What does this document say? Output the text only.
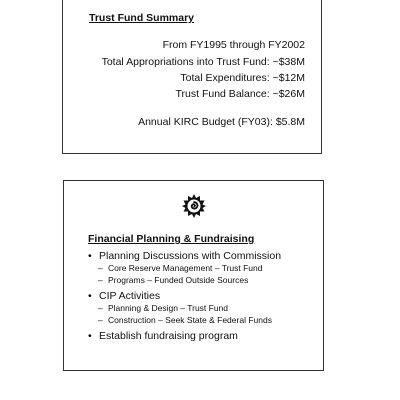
Trust Fund Summary
From FY1995 through FY2002
Total Appropriations into Trust Fund: ~$38M
Total Expenditures: ~$12M
Trust Fund Balance: ~$26M
Annual KIRC Budget (FY03): $5.8M
Financial Planning & Fundraising
• Planning Discussions with Commission
– Core Reserve Management – Trust Fund
– Programs – Funded Outside Sources
• CIP Activities
– Planning & Design – Trust Fund
– Construction – Seek State & Federal Funds
• Establish fundraising program
